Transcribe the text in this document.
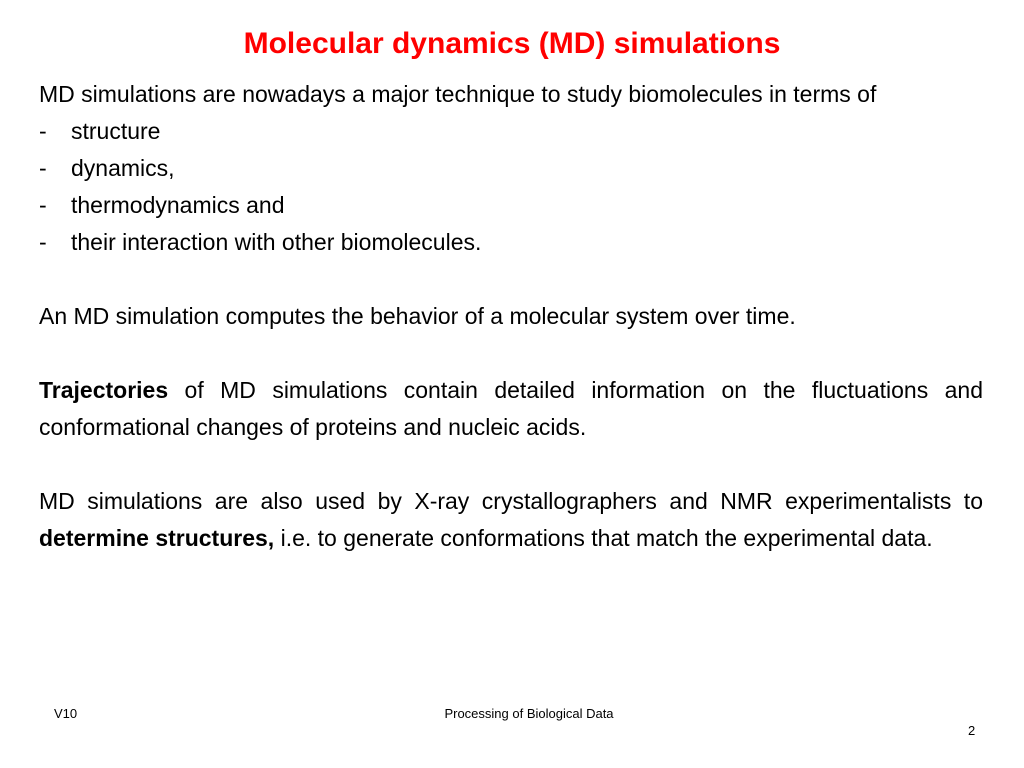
Molecular dynamics (MD) simulations

MD simulations are nowadays a major technique to study biomolecules in terms of

- structure
- dynamics,
- thermodynamics and
- their interaction with other biomolecules.

An MD simulation computes the behavior of a molecular system over time.

Trajectories of MD simulations contain detailed information on the fluctuations and conformational changes of proteins and nucleic acids.

MD simulations are also used by X-ray crystallographers and NMR experimentalists to determine structures, i.e. to generate conformations that match the experimental data.

V10	Processing of Biological Data
2
